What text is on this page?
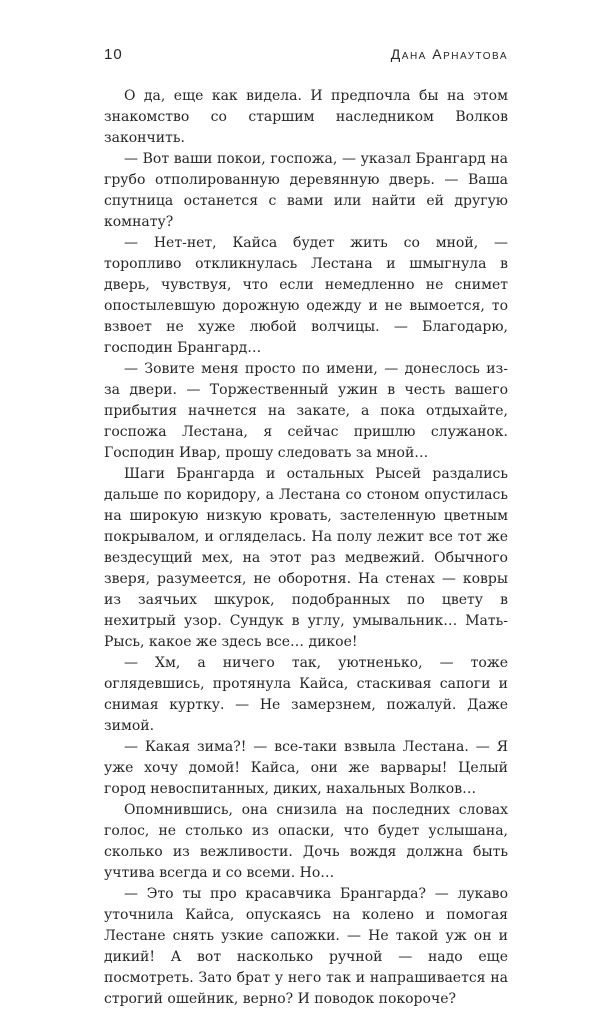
10	Дана Арнаутова

О да, еще как видела. И предпочла бы на этом знакомство со старшим наследником Волков закончить.

— Вот ваши покои, госпожа, — указал Брангард на грубо отполированную деревянную дверь. — Ваша спутница останется с вами или найти ей другую комнату?

— Нет-нет, Кайса будет жить со мной, — торопливо откликнулась Лестана и шмыгнула в дверь, чувствуя, что если немедленно не снимет опостылевшую дорожную одежду и не вымоется, то взвоет не хуже любой волчицы. — Благодарю, господин Брангард…

— Зовите меня просто по имени, — донеслось из-за двери. — Торжественный ужин в честь вашего прибытия начнется на закате, а пока отдыхайте, госпожа Лестана, я сейчас пришлю служанок. Господин Ивар, прошу следовать за мной…

Шаги Брангарда и остальных Рысей раздались дальше по коридору, а Лестана со стоном опустилась на широкую низкую кровать, застеленную цветным покрывалом, и огляделась. На полу лежит все тот же вездесущий мех, на этот раз медвежий. Обычного зверя, разумеется, не оборотня. На стенах — ковры из заячьих шкурок, подобранных по цвету в нехитрый узор. Сундук в углу, умывальник… Мать-Рысь, какое же здесь все… дикое!

— Хм, а ничего так, уютненько, — тоже оглядевшись, протянула Кайса, стаскивая сапоги и снимая куртку. — Не замерзнем, пожалуй. Даже зимой.

— Какая зима?! — все-таки взвыла Лестана. — Я уже хочу домой! Кайса, они же варвары! Целый город невоспитанных, диких, нахальных Волков…

Опомнившись, она снизила на последних словах голос, не столько из опаски, что будет услышана, сколько из вежливости. Дочь вождя должна быть учтива всегда и со всеми. Но…

— Это ты про красавчика Брангарда? — лукаво уточнила Кайса, опускаясь на колено и помогая Лестане снять узкие сапожки. — Не такой уж он и дикий! А вот насколько ручной — надо еще посмотреть. Зато брат у него так и напрашивается на строгий ошейник, верно? И поводок покороче?
